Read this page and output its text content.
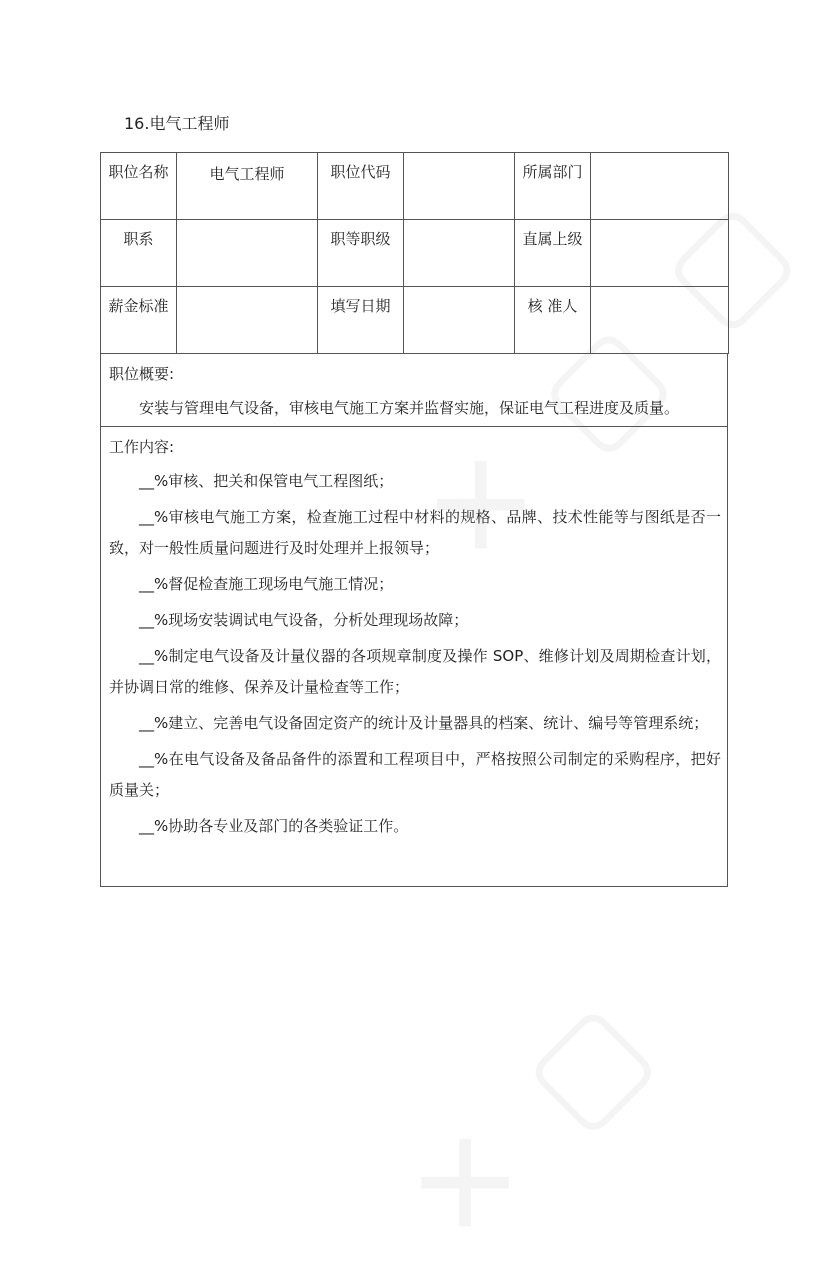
16.电气工程师
职位名称	电气工程师	职位代码		所属部门	
职系		职等职级		直属上级	
薪金标准		填写日期		核 准人	
职位概要:
安装与管理电气设备，审核电气施工方案并监督实施，保证电气工程进度及质量。
工作内容:
__%审核、把关和保管电气工程图纸；
__%审核电气施工方案，检查施工过程中材料的规格、品牌、技术性能等与图纸是否一致，对一般性质量问题进行及时处理并上报领导；
__%督促检查施工现场电气施工情况；
__%现场安装调试电气设备，分析处理现场故障；
__%制定电气设备及计量仪器的各项规章制度及操作 SOP、维修计划及周期检查计划，并协调日常的维修、保养及计量检查等工作；
__%建立、完善电气设备固定资产的统计及计量器具的档案、统计、编号等管理系统；
__%在电气设备及备品备件的添置和工程项目中，严格按照公司制定的采购程序，把好质量关；
__%协助各专业及部门的各类验证工作。
